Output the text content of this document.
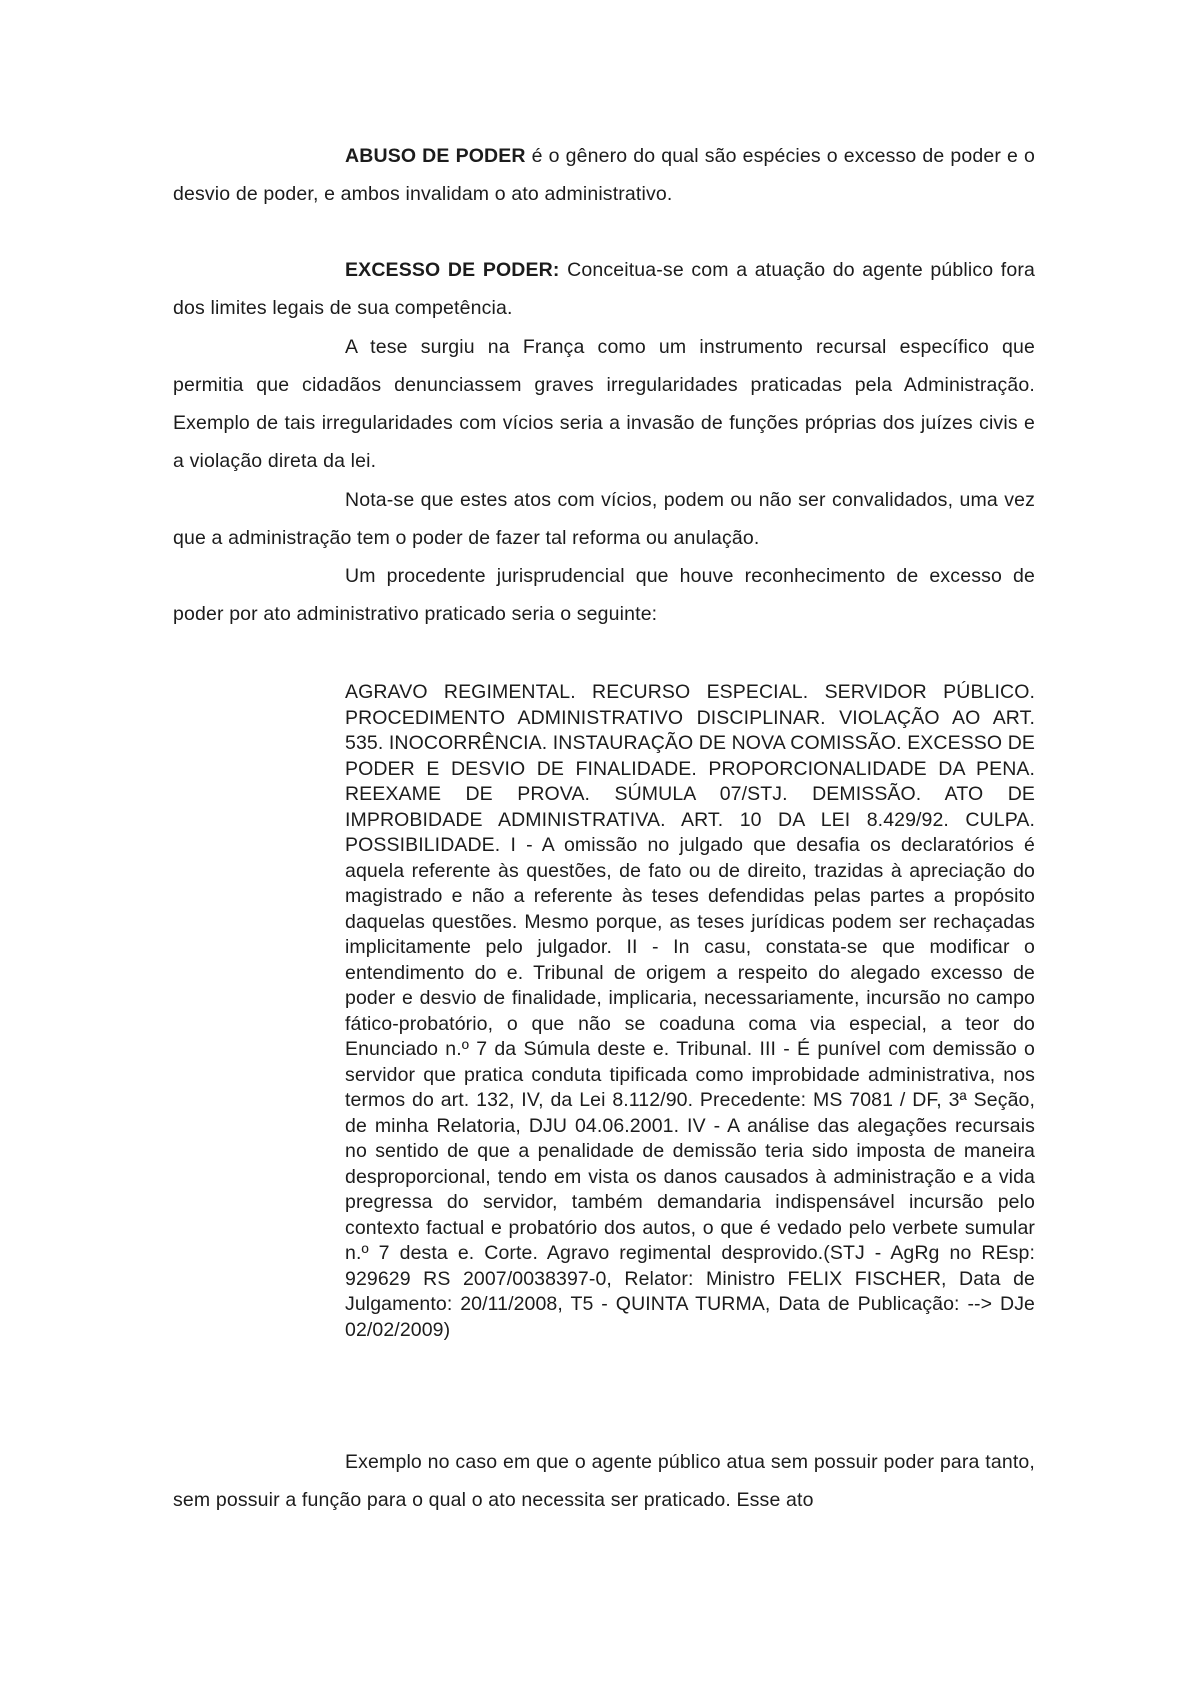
ABUSO DE PODER é o gênero do qual são espécies o excesso de poder e o desvio de poder, e ambos invalidam o ato administrativo.

EXCESSO DE PODER: Conceitua-se com a atuação do agente público fora dos limites legais de sua competência.

A tese surgiu na França como um instrumento recursal específico que permitia que cidadãos denunciassem graves irregularidades praticadas pela Administração. Exemplo de tais irregularidades com vícios seria a invasão de funções próprias dos juízes civis e a violação direta da lei.

Nota-se que estes atos com vícios, podem ou não ser convalidados, uma vez que a administração tem o poder de fazer tal reforma ou anulação.

Um procedente jurisprudencial que houve reconhecimento de excesso de poder por ato administrativo praticado seria o seguinte:

AGRAVO REGIMENTAL. RECURSO ESPECIAL. SERVIDOR PÚBLICO. PROCEDIMENTO ADMINISTRATIVO DISCIPLINAR. VIOLAÇÃO AO ART. 535. INOCORRÊNCIA. INSTAURAÇÃO DE NOVA COMISSÃO. EXCESSO DE PODER E DESVIO DE FINALIDADE. PROPORCIONALIDADE DA PENA. REEXAME DE PROVA. SÚMULA 07/STJ. DEMISSÃO. ATO DE IMPROBIDADE ADMINISTRATIVA. ART. 10 DA LEI 8.429/92. CULPA. POSSIBILIDADE. I - A omissão no julgado que desafia os declaratórios é aquela referente às questões, de fato ou de direito, trazidas à apreciação do magistrado e não a referente às teses defendidas pelas partes a propósito daquelas questões. Mesmo porque, as teses jurídicas podem ser rechaçadas implicitamente pelo julgador. II - In casu, constata-se que modificar o entendimento do e. Tribunal de origem a respeito do alegado excesso de poder e desvio de finalidade, implicaria, necessariamente, incursão no campo fático-probatório, o que não se coaduna coma via especial, a teor do Enunciado n.º 7 da Súmula deste e. Tribunal. III - É punível com demissão o servidor que pratica conduta tipificada como improbidade administrativa, nos termos do art. 132, IV, da Lei 8.112/90. Precedente: MS 7081 / DF, 3ª Seção, de minha Relatoria, DJU 04.06.2001. IV - A análise das alegações recursais no sentido de que a penalidade de demissão teria sido imposta de maneira desproporcional, tendo em vista os danos causados à administração e a vida pregressa do servidor, também demandaria indispensável incursão pelo contexto factual e probatório dos autos, o que é vedado pelo verbete sumular n.º 7 desta e. Corte. Agravo regimental desprovido.(STJ - AgRg no REsp: 929629 RS 2007/0038397-0, Relator: Ministro FELIX FISCHER, Data de Julgamento: 20/11/2008, T5 - QUINTA TURMA, Data de Publicação: --> DJe 02/02/2009)

Exemplo no caso em que o agente público atua sem possuir poder para tanto, sem possuir a função para o qual o ato necessita ser praticado. Esse ato
